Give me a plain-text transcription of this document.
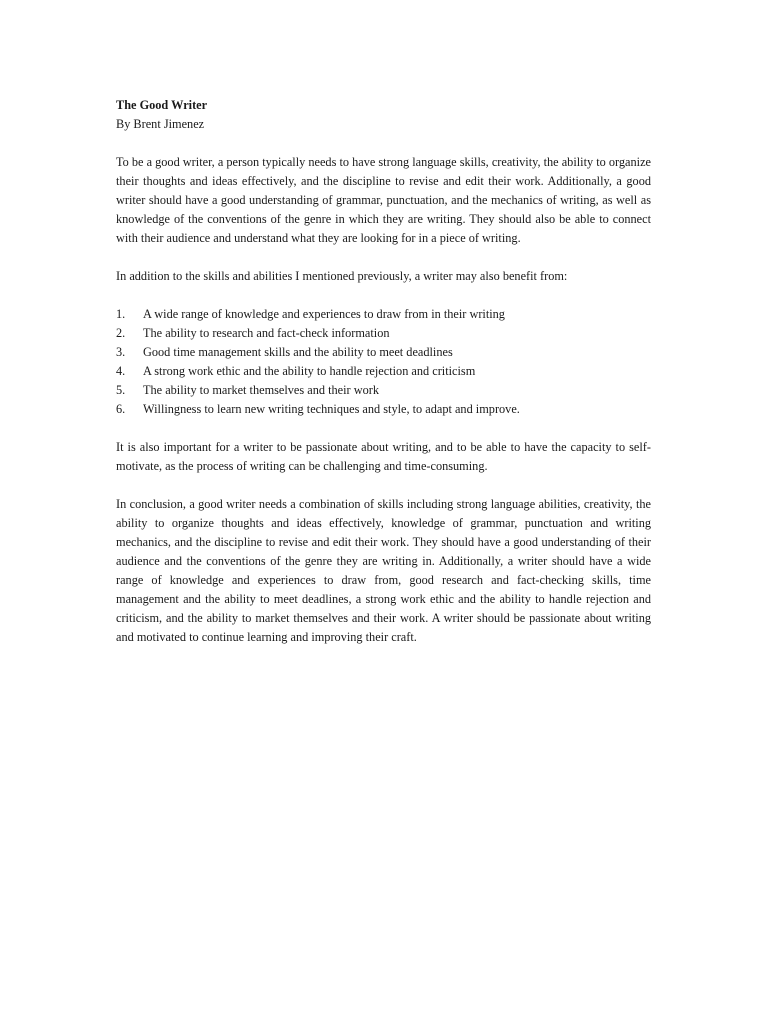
The Good Writer

By Brent Jimenez

To be a good writer, a person typically needs to have strong language skills, creativity, the ability to organize their thoughts and ideas effectively, and the discipline to revise and edit their work. Additionally, a good writer should have a good understanding of grammar, punctuation, and the mechanics of writing, as well as knowledge of the conventions of the genre in which they are writing. They should also be able to connect with their audience and understand what they are looking for in a piece of writing.

In addition to the skills and abilities I mentioned previously, a writer may also benefit from:

1.	A wide range of knowledge and experiences to draw from in their writing
2.	The ability to research and fact-check information
3.	Good time management skills and the ability to meet deadlines
4.	A strong work ethic and the ability to handle rejection and criticism
5.	The ability to market themselves and their work
6.	Willingness to learn new writing techniques and style, to adapt and improve.

It is also important for a writer to be passionate about writing, and to be able to have the capacity to self-motivate, as the process of writing can be challenging and time-consuming.

In conclusion, a good writer needs a combination of skills including strong language abilities, creativity, the ability to organize thoughts and ideas effectively, knowledge of grammar, punctuation and writing mechanics, and the discipline to revise and edit their work. They should have a good understanding of their audience and the conventions of the genre they are writing in. Additionally, a writer should have a wide range of knowledge and experiences to draw from, good research and fact-checking skills, time management and the ability to meet deadlines, a strong work ethic and the ability to handle rejection and criticism, and the ability to market themselves and their work. A writer should be passionate about writing and motivated to continue learning and improving their craft.
